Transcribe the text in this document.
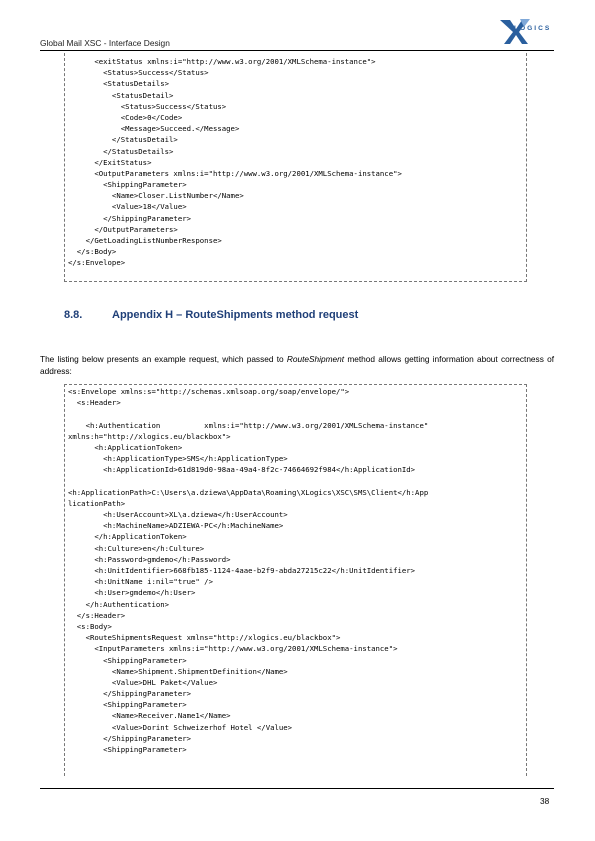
Global Mail XSC - Interface Design
LOGICS
<exitStatus xmlns:i="http://www.w3.org/2001/XMLSchema-instance">
<Status>Success</Status>
<StatusDetails>
<StatusDetail>
<Status>Success</Status>
<Code>0</Code>
<Message>Succeed.</Message>
</StatusDetail>
</StatusDetails>
</ExitStatus>
<OutputParameters xmlns:i="http://www.w3.org/2001/XMLSchema-instance">
<ShippingParameter>
<Name>Closer.ListNumber</Name>
<Value>18</Value>
</ShippingParameter>
</OutputParameters>
</GetLoadingListNumberResponse>
</s:Body>
</s:Envelope>
8.8.	Appendix H – RouteShipments method request
The listing below presents an example request, which passed to RouteShipment method allows getting information about correctness of address:
<s:Envelope xmlns:s="http://schemas.xmlsoap.org/soap/envelope/">
<s:Header>
<h:Authentication          xmlns:i="http://www.w3.org/2001/XMLSchema-instance"
xmlns:h="http://xlogics.eu/blackbox">
<h:ApplicationToken>
<h:ApplicationType>SMS</h:ApplicationType>
<h:ApplicationId>61d819d0-98aa-49a4-8f2c-74664692f984</h:ApplicationId>
<h:ApplicationPath>C:\Users\a.dziewa\AppData\Roaming\XLogics\XSC\SMS\Client</h:App
licationPath>
<h:UserAccount>XL\a.dziewa</h:UserAccount>
<h:MachineName>ADZIEWA-PC</h:MachineName>
</h:ApplicationToken>
<h:Culture>en</h:Culture>
<h:Password>gmdemo</h:Password>
<h:UnitIdentifier>668fb185-1124-4aae-b2f9-abda27215c22</h:UnitIdentifier>
<h:UnitName i:nil="true" />
<h:User>gmdemo</h:User>
</h:Authentication>
</s:Header>
<s:Body>
<RouteShipmentsRequest xmlns="http://xlogics.eu/blackbox">
<InputParameters xmlns:i="http://www.w3.org/2001/XMLSchema-instance">
<ShippingParameter>
<Name>Shipment.ShipmentDefinition</Name>
<Value>DHL Paket</Value>
</ShippingParameter>
<ShippingParameter>
<Name>Receiver.Name1</Name>
<Value>Dorint Schweizerhof Hotel </Value>
</ShippingParameter>
<ShippingParameter>
38
